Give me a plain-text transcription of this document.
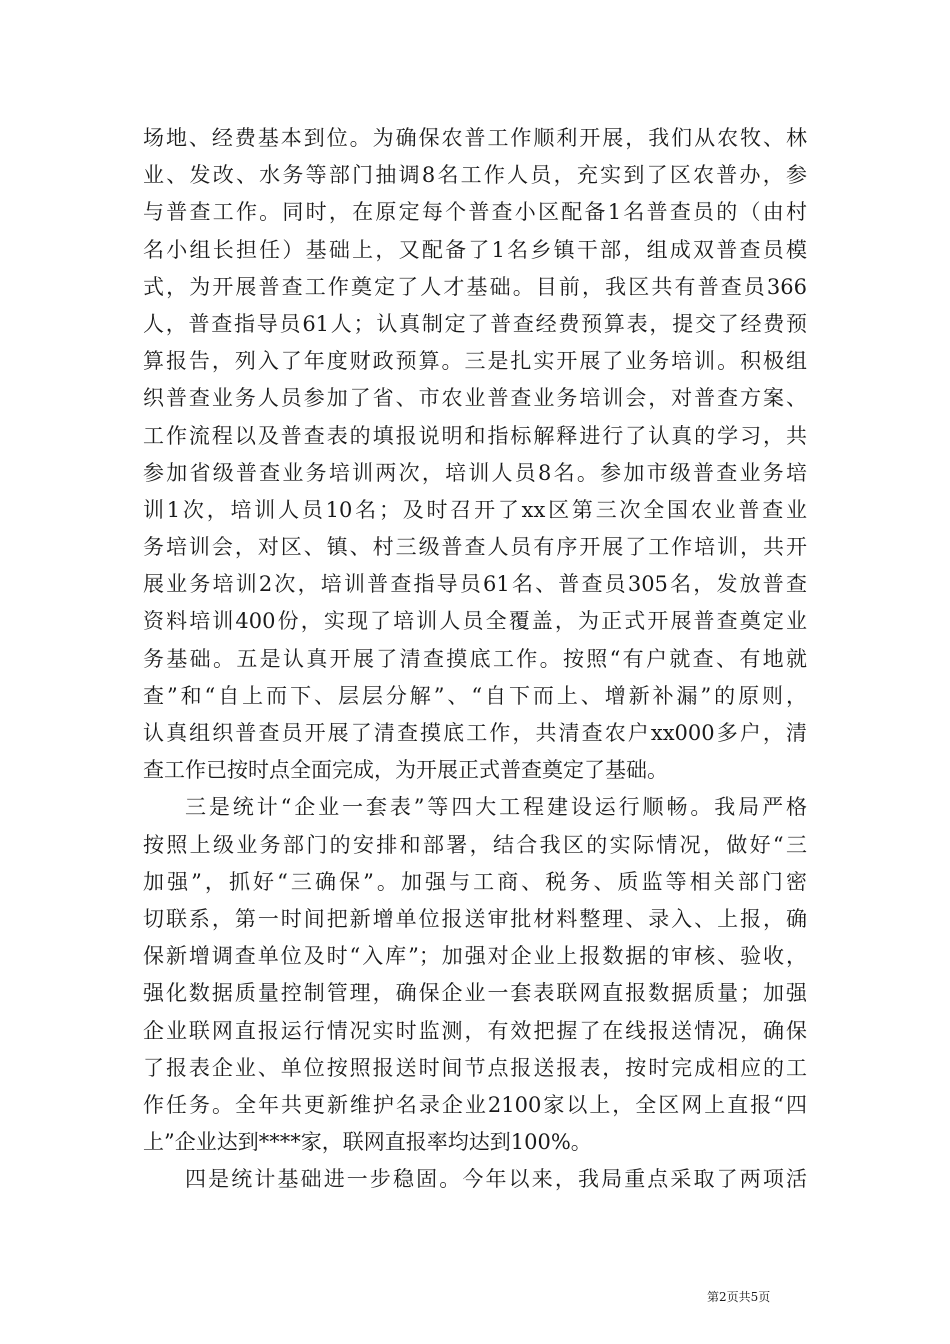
场地、经费基本到位。为确保农普工作顺利开展，我们从农牧、林
业、发改、水务等部门抽调8名工作人员，充实到了区农普办，参
与普查工作。同时，在原定每个普查小区配备1名普查员的（由村
名小组长担任）基础上，又配备了1名乡镇干部，组成双普查员模
式，为开展普查工作奠定了人才基础。目前，我区共有普查员366
人，普查指导员61人；认真制定了普查经费预算表，提交了经费预
算报告，列入了年度财政预算。三是扎实开展了业务培训。积极组
织普查业务人员参加了省、市农业普查业务培训会，对普查方案、
工作流程以及普查表的填报说明和指标解释进行了认真的学习，共
参加省级普查业务培训两次，培训人员8名。参加市级普查业务培
训1次，培训人员10名；及时召开了xx区第三次全国农业普查业
务培训会，对区、镇、村三级普查人员有序开展了工作培训，共开
展业务培训2次，培训普查指导员61名、普查员305名，发放普查
资料培训400份，实现了培训人员全覆盖，为正式开展普查奠定业
务基础。五是认真开展了清查摸底工作。按照“有户就查、有地就
查”和“自上而下、层层分解”、“自下而上、增新补漏”的原则，
认真组织普查员开展了清查摸底工作，共清查农户xx000多户，清
查工作已按时点全面完成，为开展正式普查奠定了基础。
三是统计“企业一套表”等四大工程建设运行顺畅。我局严格
按照上级业务部门的安排和部署，结合我区的实际情况，做好“三
加强”，抓好“三确保”。加强与工商、税务、质监等相关部门密
切联系，第一时间把新增单位报送审批材料整理、录入、上报，确
保新增调查单位及时“入库”；加强对企业上报数据的审核、验收，
强化数据质量控制管理，确保企业一套表联网直报数据质量；加强
企业联网直报运行情况实时监测，有效把握了在线报送情况，确保
了报表企业、单位按照报送时间节点报送报表，按时完成相应的工
作任务。全年共更新维护名录企业2100家以上，全区网上直报“四
上”企业达到****家，联网直报率均达到100%。
四是统计基础进一步稳固。今年以来，我局重点采取了两项活
第2页共5页
